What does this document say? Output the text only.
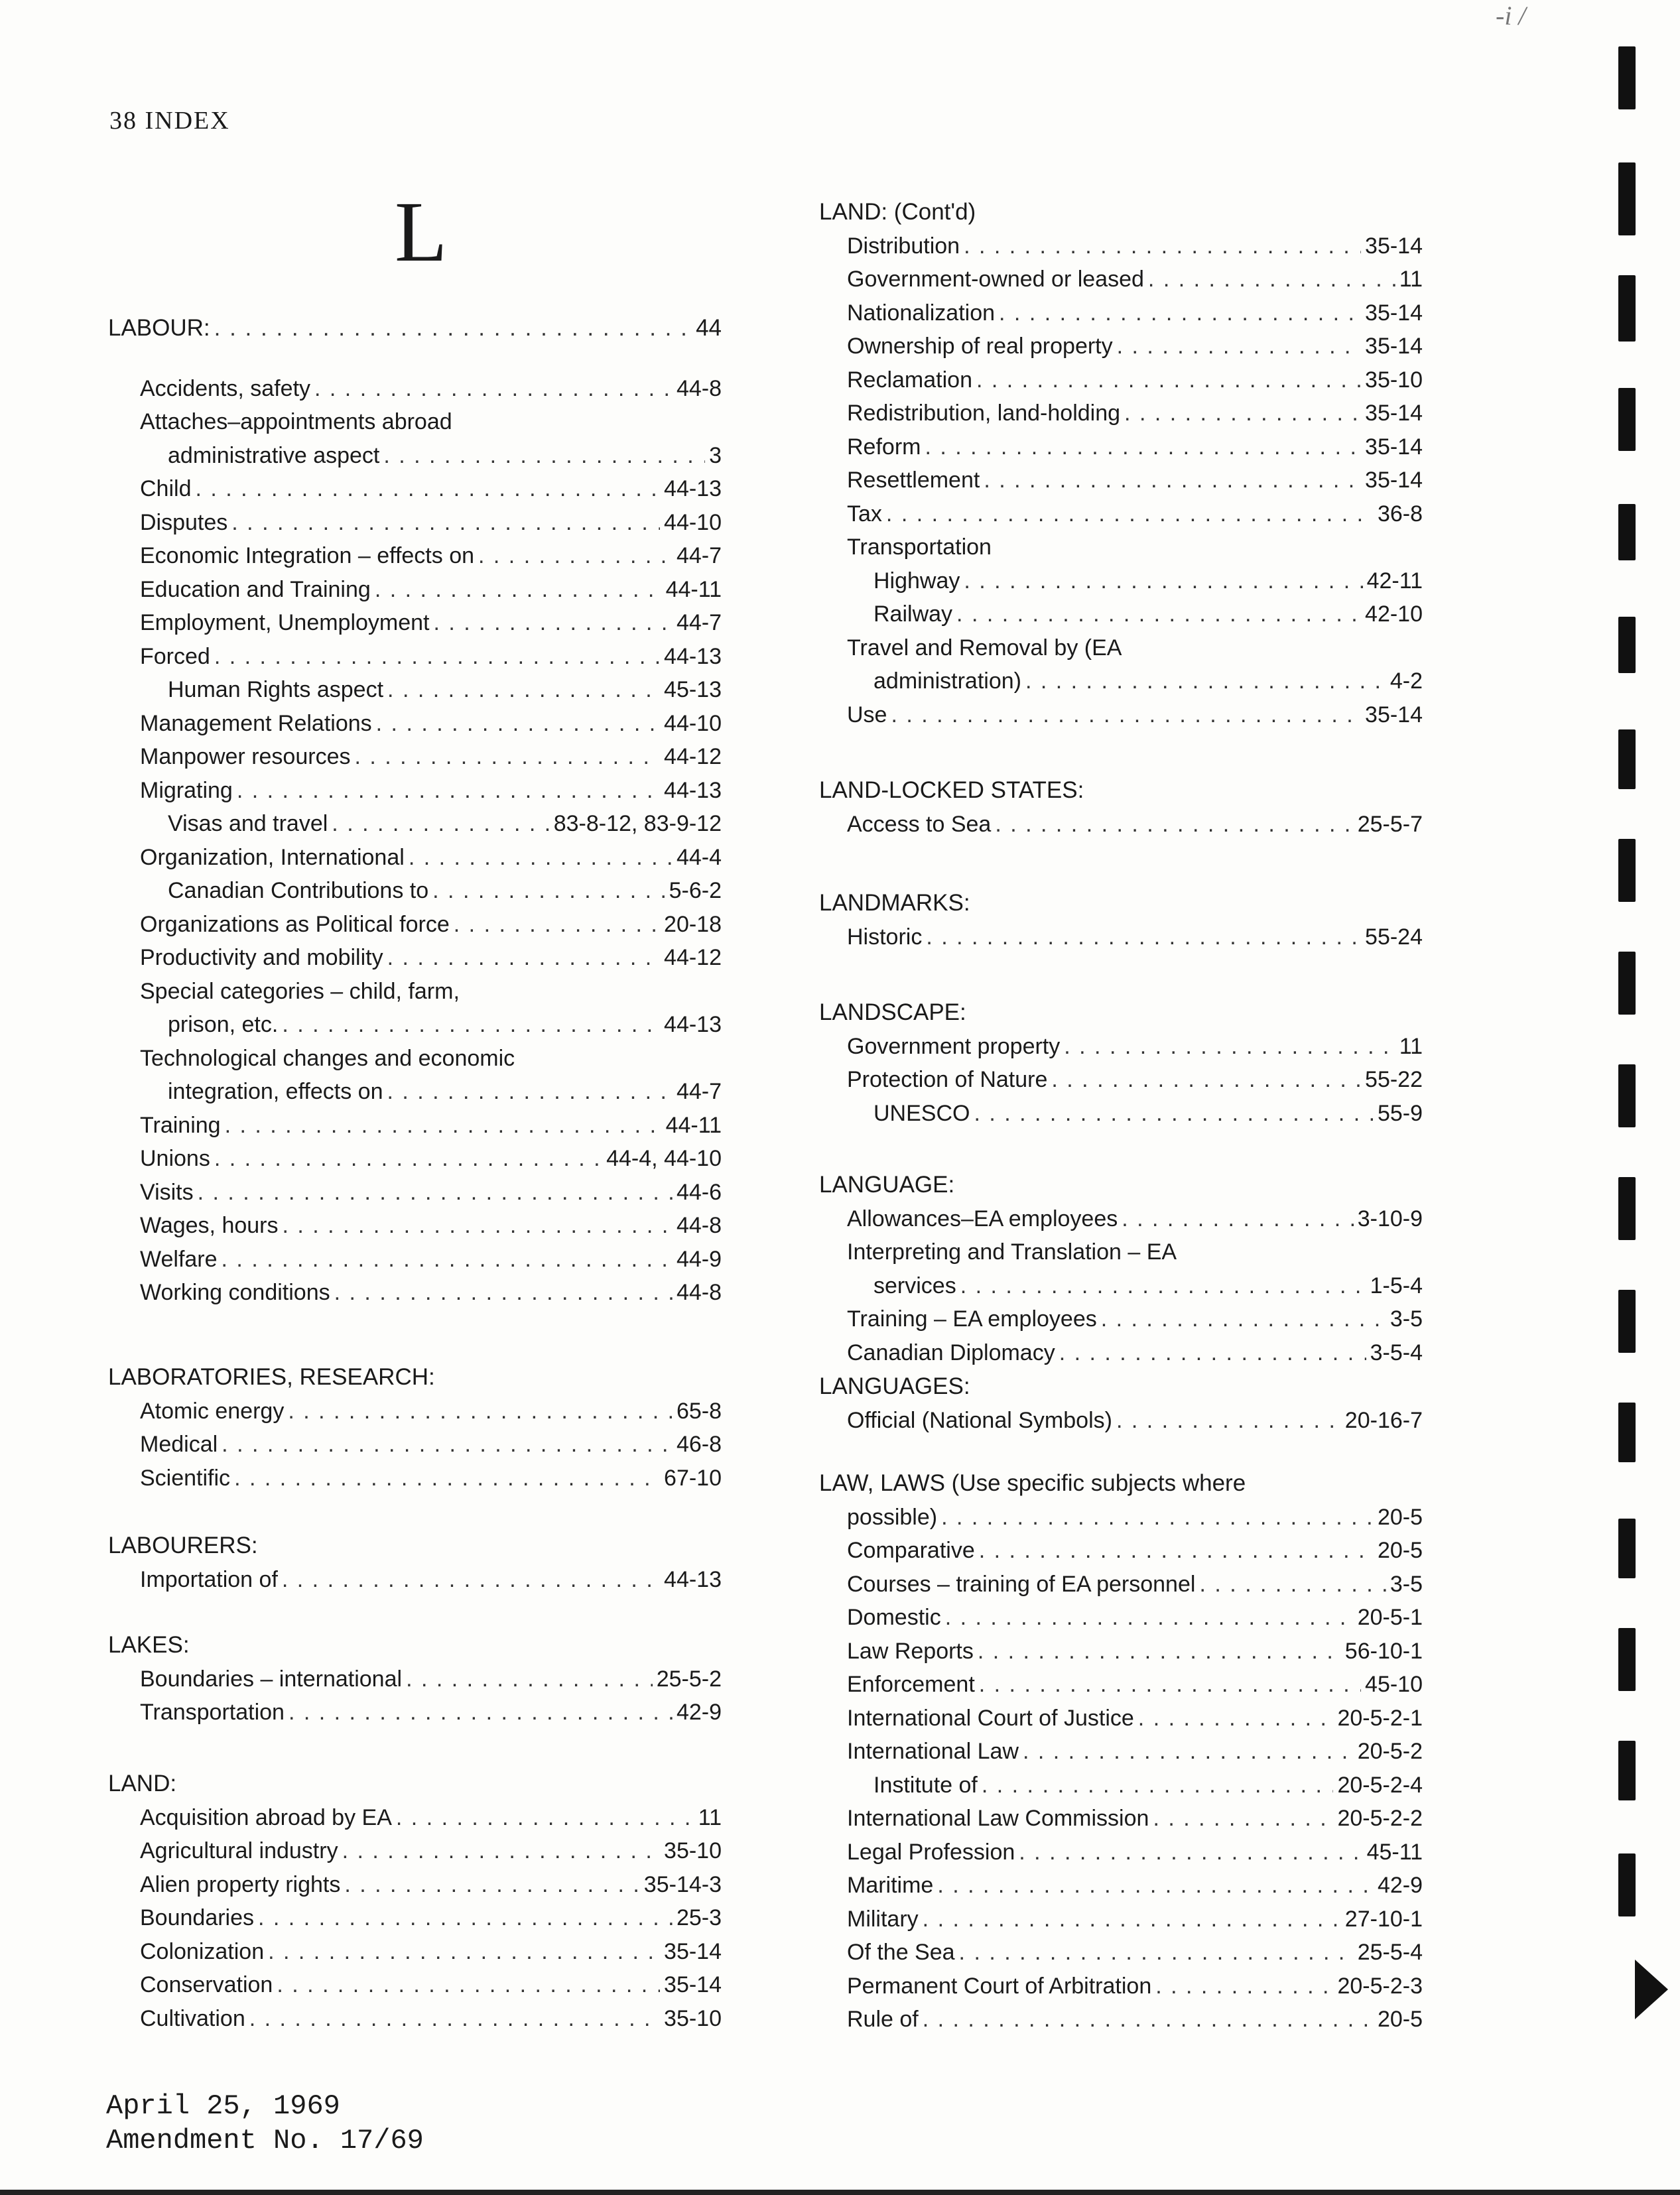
38 INDEX
L
-i /
LABOUR: . . .	44
Accidents, safety . . .	44-8
Attaches–appointments abroad
administrative aspect . . .	3
Child . . .	44-13
Disputes . . .	44-10
Economic Integration – effects on . . .	44-7
Education and Training . . .	44-11
Employment, Unemployment . . .	44-7
Forced . . .	44-13
Human Rights aspect . . .	45-13
Management Relations . . .	44-10
Manpower resources . . .	44-12
Migrating . . .	44-13
Visas and travel . . .	83-8-12, 83-9-12
Organization, International . . .	44-4
Canadian Contributions to . . .	5-6-2
Organizations as Political force . . .	20-18
Productivity and mobility . . .	44-12
Special categories – child, farm,
prison, etc. . . .	44-13
Technological changes and economic
integration, effects on . . .	44-7
Training . . .	44-11
Unions . . .	44-4, 44-10
Visits . . .	44-6
Wages, hours . . .	44-8
Welfare . . .	44-9
Working conditions . . .	44-8
LABORATORIES, RESEARCH:
Atomic energy . . .	65-8
Medical . . .	46-8
Scientific . . .	67-10
LABOURERS:
Importation of . . .	44-13
LAKES:
Boundaries – international . . .	25-5-2
Transportation . . .	42-9
LAND:
Acquisition abroad by EA . . .	11
Agricultural industry . . .	35-10
Alien property rights . . .	35-14-3
Boundaries . . .	25-3
Colonization . . .	35-14
Conservation . . .	35-14
Cultivation . . .	35-10
LAND: (Cont'd)
Distribution . . .	35-14
Government-owned or leased . . .	11
Nationalization . . .	35-14
Ownership of real property . . .	35-14
Reclamation . . .	35-10
Redistribution, land-holding . . .	35-14
Reform . . .	35-14
Resettlement . . .	35-14
Tax . . .	36-8
Transportation
Highway . . .	42-11
Railway . . .	42-10
Travel and Removal by (EA
administration) . . .	4-2
Use . . .	35-14
LAND-LOCKED STATES:
Access to Sea . . .	25-5-7
LANDMARKS:
Historic . . .	55-24
LANDSCAPE:
Government property . . .	11
Protection of Nature . . .	55-22
UNESCO . . .	55-9
LANGUAGE:
Allowances–EA employees . . .	3-10-9
Interpreting and Translation – EA
services . . .	1-5-4
Training – EA employees . . .	3-5
Canadian Diplomacy . . .	3-5-4
LANGUAGES:
Official (National Symbols) . . .	20-16-7
LAW, LAWS (Use specific subjects where
possible) . . .	20-5
Comparative . . .	20-5
Courses – training of EA personnel . . .	3-5
Domestic . . .	20-5-1
Law Reports . . .	56-10-1
Enforcement . . .	45-10
International Court of Justice . . .	20-5-2-1
International Law . . .	20-5-2
Institute of . . .	20-5-2-4
International Law Commission . . .	20-5-2-2
Legal Profession . . .	45-11
Maritime . . .	42-9
Military . . .	27-10-1
Of the Sea . . .	25-5-4
Permanent Court of Arbitration . . .	20-5-2-3
Rule of . . .	20-5
April 25, 1969
Amendment No. 17/69
